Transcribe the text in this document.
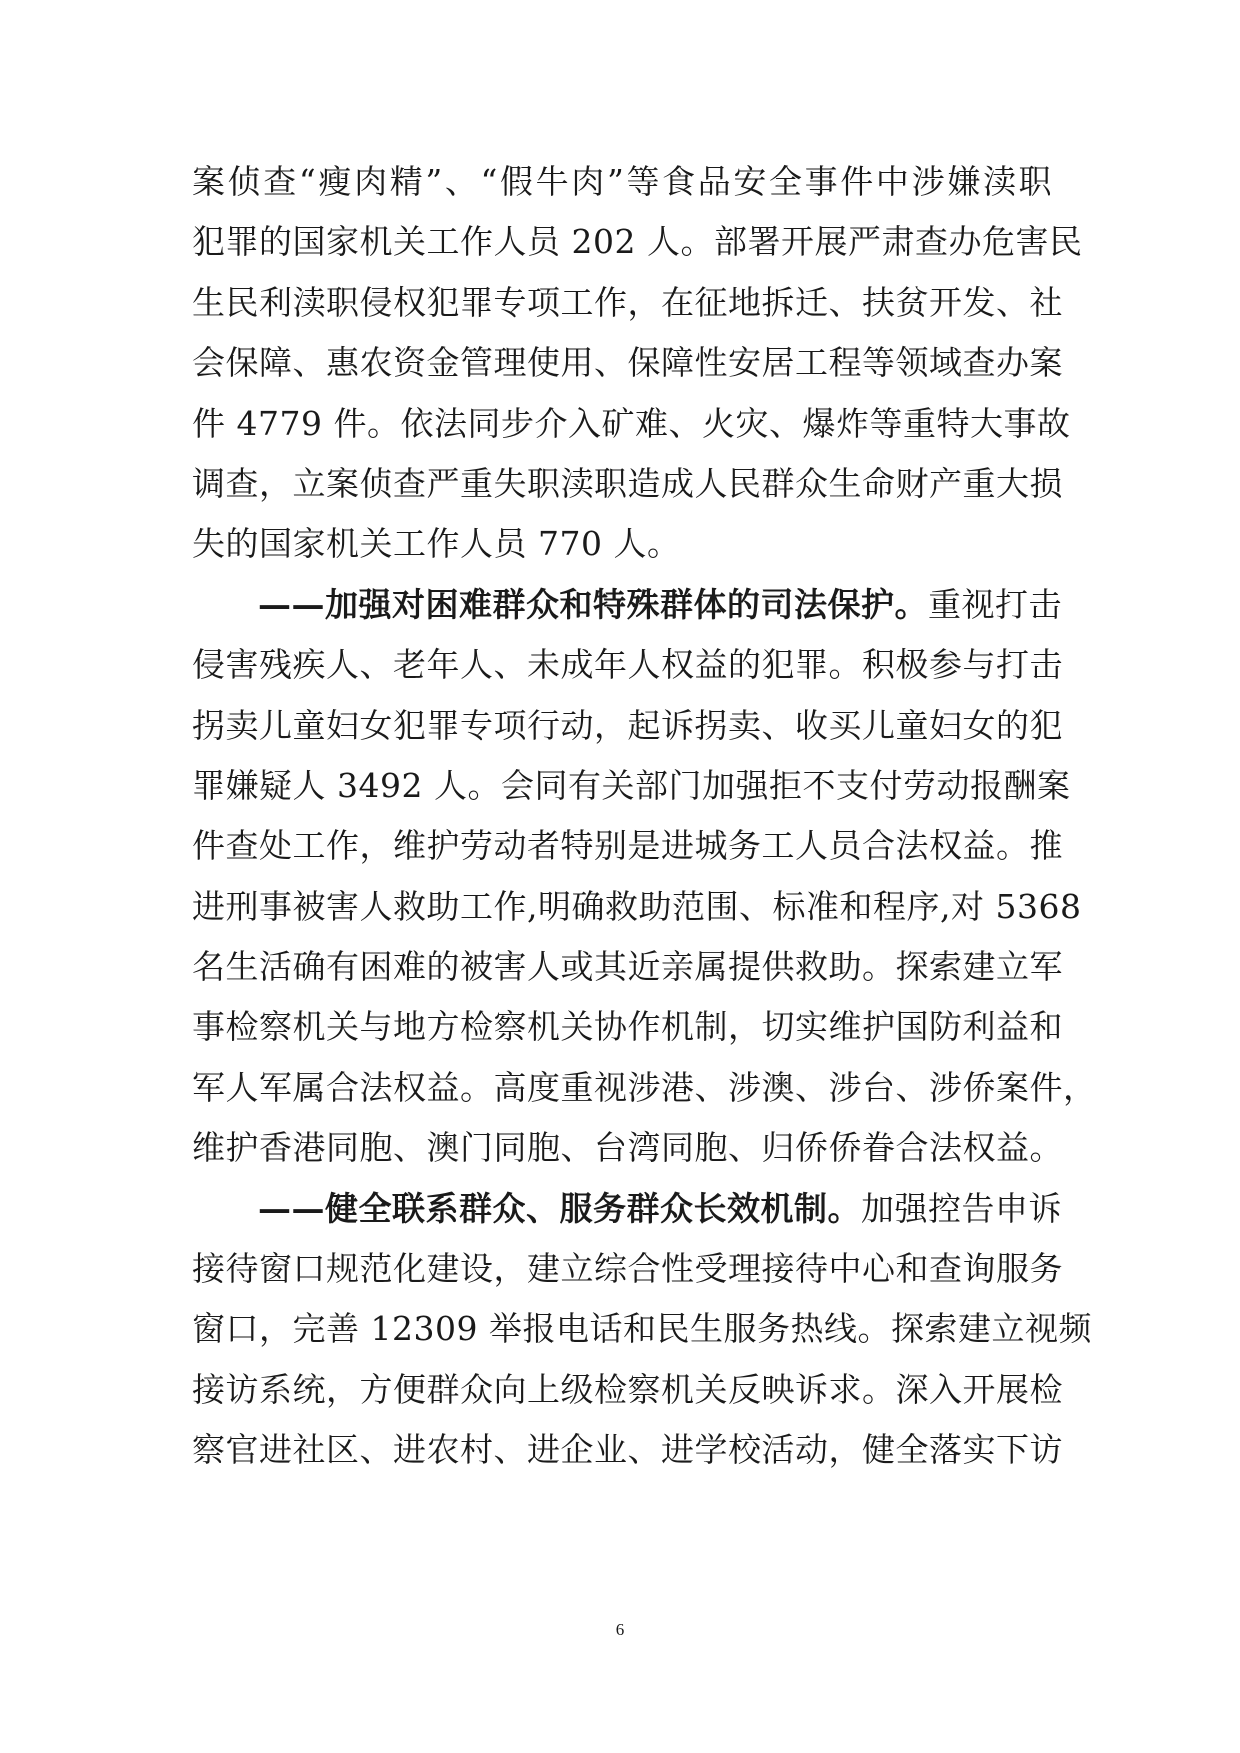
案侦查“瘦肉精”、“假牛肉”等食品安全事件中涉嫌渎职
犯罪的国家机关工作人员 202 人。部署开展严肃查办危害民
生民利渎职侵权犯罪专项工作，在征地拆迁、扶贫开发、社
会保障、惠农资金管理使用、保障性安居工程等领域查办案
件 4779 件。依法同步介入矿难、火灾、爆炸等重特大事故
调查，立案侦查严重失职渎职造成人民群众生命财产重大损
失的国家机关工作人员 770 人。
——加强对困难群众和特殊群体的司法保护。重视打击
侵害残疾人、老年人、未成年人权益的犯罪。积极参与打击
拐卖儿童妇女犯罪专项行动，起诉拐卖、收买儿童妇女的犯
罪嫌疑人 3492 人。会同有关部门加强拒不支付劳动报酬案
件查处工作，维护劳动者特别是进城务工人员合法权益。推
进刑事被害人救助工作,明确救助范围、标准和程序,对 5368
名生活确有困难的被害人或其近亲属提供救助。探索建立军
事检察机关与地方检察机关协作机制，切实维护国防利益和
军人军属合法权益。高度重视涉港、涉澳、涉台、涉侨案件，
维护香港同胞、澳门同胞、台湾同胞、归侨侨眷合法权益。
——健全联系群众、服务群众长效机制。加强控告申诉
接待窗口规范化建设，建立综合性受理接待中心和查询服务
窗口，完善 12309 举报电话和民生服务热线。探索建立视频
接访系统，方便群众向上级检察机关反映诉求。深入开展检
察官进社区、进农村、进企业、进学校活动，健全落实下访
6
